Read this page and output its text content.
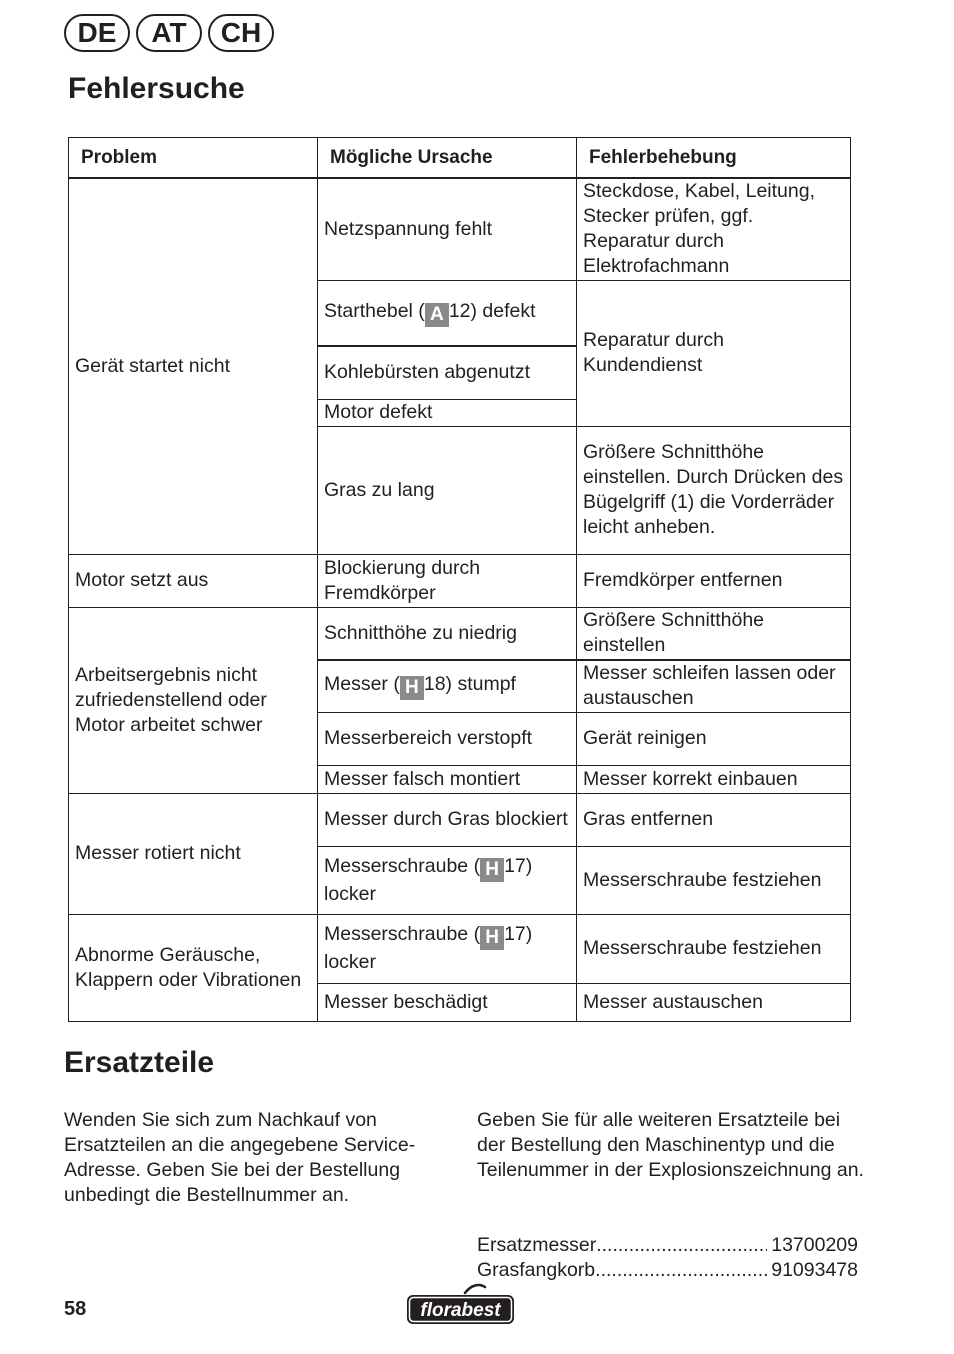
DE	AT	CH
Fehlersuche
Problem	Mögliche Ursache	Fehlerbehebung
Gerät startet nicht	Netzspannung fehlt	Steckdose, Kabel, Leitung, Stecker prüfen, ggf. Reparatur durch Elektrofachmann
	Starthebel ( A 12) defekt	Reparatur durch Kundendienst
	Kohlebürsten abgenutzt	
	Motor defekt	
	Gras zu lang	Größere Schnitthöhe einstellen. Durch Drücken des Bügelgriff (1) die Vorderräder leicht anheben.
Motor setzt aus	Blockierung durch Fremdkörper	Fremdkörper entfernen
Arbeitsergebnis nicht zufriedenstellend oder Motor arbeitet schwer	Schnitthöhe zu niedrig	Größere Schnitthöhe einstellen
	Messer ( H 18) stumpf	Messer schleifen lassen oder austauschen
	Messerbereich verstopft	Gerät reinigen
	Messer falsch montiert	Messer korrekt einbauen
Messer rotiert nicht	Messer durch Gras blockiert	Gras entfernen
	Messerschraube ( H 17) locker	Messerschraube festziehen
Abnorme Geräusche, Klappern oder Vibrationen	Messerschraube ( H 17) locker	Messerschraube festziehen
	Messer beschädigt	Messer austauschen
Ersatzteile

Wenden Sie sich zum Nachkauf von Ersatzteilen an die angegebene Service-Adresse. Geben Sie bei der Bestellung unbedingt die Bestellnummer an.

Geben Sie für alle weiteren Ersatzteile bei der Bestellung den Maschinentyp und die Teilenummer in der Explosionszeichnung an.

Ersatzmesser .....	13700209
Grasfangkorb .....	91093478
58	florabest
